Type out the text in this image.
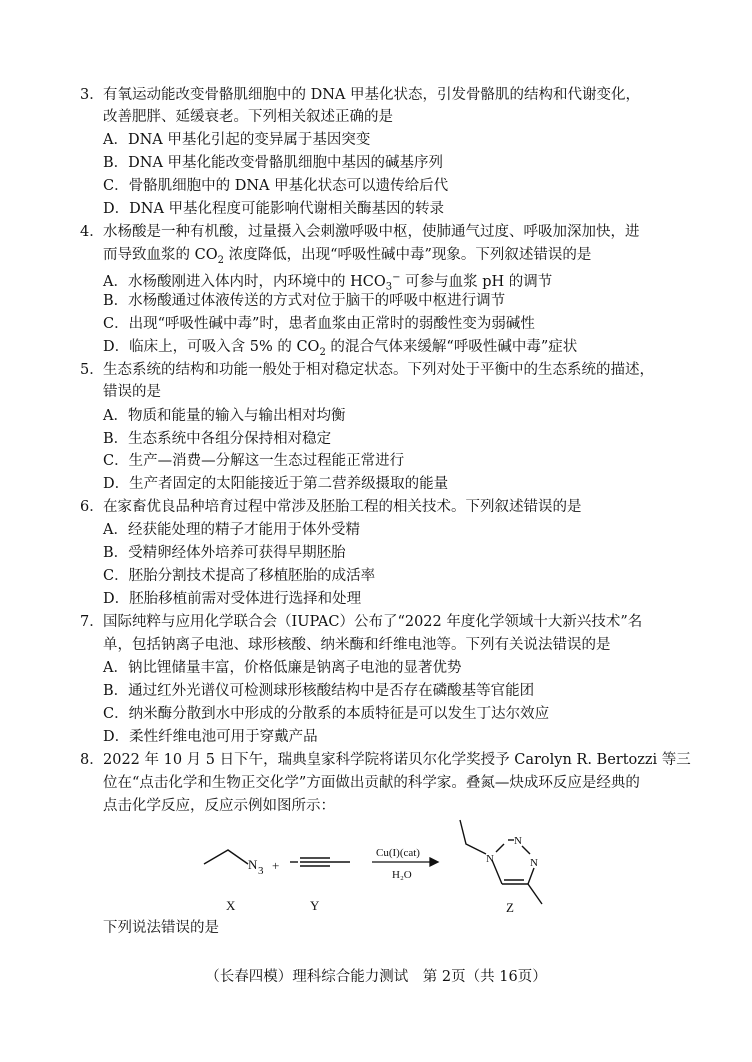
3． 有氧运动能改变骨骼肌细胞中的 DNA 甲基化状态，引发骨骼肌的结构和代谢变化，
改善肥胖、延缓衰老。下列相关叙述正确的是
A．DNA 甲基化引起的变异属于基因突变
B．DNA 甲基化能改变骨骼肌细胞中基因的碱基序列
C．骨骼肌细胞中的 DNA 甲基化状态可以遗传给后代
D．DNA 甲基化程度可能影响代谢相关酶基因的转录
4． 水杨酸是一种有机酸，过量摄入会刺激呼吸中枢，使肺通气过度、呼吸加深加快，进
而导致血浆的 $CO_2$ 浓度降低，出现“呼吸性碱中毒”现象。下列叙述错误的是
A．水杨酸刚进入体内时，内环境中的 $HCO_3^-$ 可参与血浆 pH 的调节
B．水杨酸通过体液传送的方式对位于脑干的呼吸中枢进行调节
C．出现“呼吸性碱中毒”时，患者血浆由正常时的弱酸性变为弱碱性
D．临床上，可吸入含 5% 的 $CO_2$ 的混合气体来缓解“呼吸性碱中毒”症状
5． 生态系统的结构和功能一般处于相对稳定状态。下列对处于平衡中的生态系统的描述，
错误的是
A．物质和能量的输入与输出相对均衡
B．生态系统中各组分保持相对稳定
C．生产—消费—分解这一生态过程能正常进行
D．生产者固定的太阳能接近于第二营养级摄取的能量
6． 在家畜优良品种培育过程中常涉及胚胎工程的相关技术。下列叙述错误的是
A．经获能处理的精子才能用于体外受精
B．受精卵经体外培养可获得早期胚胎
C．胚胎分割技术提高了移植胚胎的成活率
D．胚胎移植前需对受体进行选择和处理
7． 国际纯粹与应用化学联合会（IUPAC）公布了“2022 年度化学领域十大新兴技术”名
单，包括钠离子电池、球形核酸、纳米酶和纤维电池等。下列有关说法错误的是
A．钠比锂储量丰富，价格低廉是钠离子电池的显著优势
B．通过红外光谱仪可检测球形核酸结构中是否存在磷酸基等官能团
C．纳米酶分散到水中形成的分散系的本质特征是可以发生丁达尔效应
D．柔性纤维电池可用于穿戴产品
8． 2022 年 10 月 5 日下午，瑞典皇家科学院将诺贝尔化学奖授予 Carolyn R. Bertozzi 等三
位在“点击化学和生物正交化学”方面做出贡献的科学家。叠氮—炔成环反应是经典的
点击化学反应，反应示例如图所示：
N 3 +
Cu(I)(cat)
H₂O
N
N
N
X	Y	Z
下列说法错误的是
（长春四模）理科综合能力测试　第 2页（共 16页）
